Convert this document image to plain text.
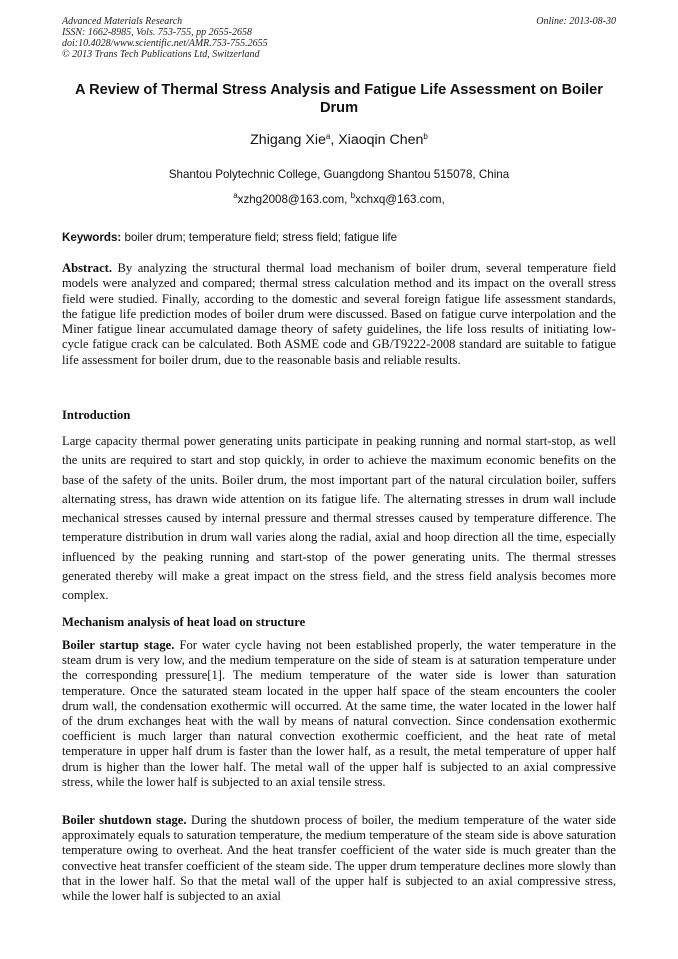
Advanced Materials Research
ISSN: 1662-8985, Vols. 753-755, pp 2655-2658
doi:10.4028/www.scientific.net/AMR.753-755.2655
© 2013 Trans Tech Publications Ltd, Switzerland
Online: 2013-08-30
A Review of Thermal Stress Analysis and Fatigue Life Assessment on Boiler Drum
Zhigang Xie$^a$, Xiaoqin Chen$^b$
Shantou Polytechnic College, Guangdong Shantou 515078, China
$^a$xzhg2008@163.com, $^b$xchxq@163.com,
Keywords: boiler drum; temperature field; stress field; fatigue life
Abstract. By analyzing the structural thermal load mechanism of boiler drum, several temperature field models were analyzed and compared; thermal stress calculation method and its impact on the overall stress field were studied. Finally, according to the domestic and several foreign fatigue life assessment standards, the fatigue life prediction modes of boiler drum were discussed. Based on fatigue curve interpolation and the Miner fatigue linear accumulated damage theory of safety guidelines, the life loss results of initiating low-cycle fatigue crack can be calculated. Both ASME code and GB/T9222-2008 standard are suitable to fatigue life assessment for boiler drum, due to the reasonable basis and reliable results.
Introduction
Large capacity thermal power generating units participate in peaking running and normal start-stop, as well the units are required to start and stop quickly, in order to achieve the maximum economic benefits on the base of the safety of the units. Boiler drum, the most important part of the natural circulation boiler, suffers alternating stress, has drawn wide attention on its fatigue life. The alternating stresses in drum wall include mechanical stresses caused by internal pressure and thermal stresses caused by temperature difference. The temperature distribution in drum wall varies along the radial, axial and hoop direction all the time, especially influenced by the peaking running and start-stop of the power generating units. The thermal stresses generated thereby will make a great impact on the stress field, and the stress field analysis becomes more complex.
Mechanism analysis of heat load on structure
Boiler startup stage. For water cycle having not been established properly, the water temperature in the steam drum is very low, and the medium temperature on the side of steam is at saturation temperature under the corresponding pressure[1]. The medium temperature of the water side is lower than saturation temperature. Once the saturated steam located in the upper half space of the steam encounters the cooler drum wall, the condensation exothermic will occurred. At the same time, the water located in the lower half of the drum exchanges heat with the wall by means of natural convection. Since condensation exothermic coefficient is much larger than natural convection exothermic coefficient, and the heat rate of metal temperature in upper half drum is faster than the lower half, as a result, the metal temperature of upper half drum is higher than the lower half. The metal wall of the upper half is subjected to an axial compressive stress, while the lower half is subjected to an axial tensile stress.
Boiler shutdown stage. During the shutdown process of boiler, the medium temperature of the water side approximately equals to saturation temperature, the medium temperature of the steam side is above saturation temperature owing to overheat. And the heat transfer coefficient of the water side is much greater than the convective heat transfer coefficient of the steam side. The upper drum temperature declines more slowly than that in the lower half. So that the metal wall of the upper half is subjected to an axial compressive stress, while the lower half is subjected to an axial
